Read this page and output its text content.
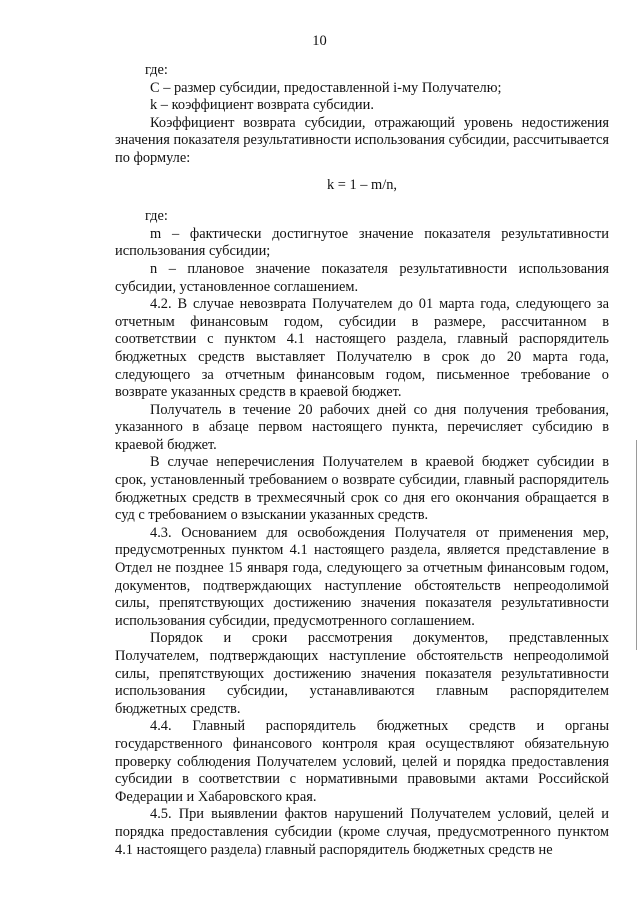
10

где:

C – размер субсидии, предоставленной i-му Получателю;

k – коэффициент возврата субсидии.

Коэффициент возврата субсидии, отражающий уровень недостижения значения показателя результативности использования субсидии, рассчитывается по формуле:

k = 1 – m/n,

где:

m – фактически достигнутое значение показателя результативности использования субсидии;

n – плановое значение показателя результативности использования субсидии, установленное соглашением.

4.2. В случае невозврата Получателем до 01 марта года, следующего за отчетным финансовым годом, субсидии в размере, рассчитанном в соответствии с пунктом 4.1 настоящего раздела, главный распорядитель бюджетных средств выставляет Получателю в срок до 20 марта года, следующего за отчетным финансовым годом, письменное требование о возврате указанных средств в краевой бюджет.

Получатель в течение 20 рабочих дней со дня получения требования, указанного в абзаце первом настоящего пункта, перечисляет субсидию в краевой бюджет.

В случае неперечисления Получателем в краевой бюджет субсидии в срок, установленный требованием о возврате субсидии, главный распорядитель бюджетных средств в трехмесячный срок со дня его окончания обращается в суд с требованием о взыскании указанных средств.

4.3. Основанием для освобождения Получателя от применения мер, предусмотренных пунктом 4.1 настоящего раздела, является представление в Отдел не позднее 15 января года, следующего за отчетным финансовым годом, документов, подтверждающих наступление обстоятельств непреодолимой силы, препятствующих достижению значения показателя результативности использования субсидии, предусмотренного соглашением.

Порядок и сроки рассмотрения документов, представленных Получателем, подтверждающих наступление обстоятельств непреодолимой силы, препятствующих достижению значения показателя результативности использования субсидии, устанавливаются главным распорядителем бюджетных средств.

4.4. Главный распорядитель бюджетных средств и органы государственного финансового контроля края осуществляют обязательную проверку соблюдения Получателем условий, целей и порядка предоставления субсидии в соответствии с нормативными правовыми актами Российской Федерации и Хабаровского края.

4.5. При выявлении фактов нарушений Получателем условий, целей и порядка предоставления субсидии (кроме случая, предусмотренного пунктом 4.1 настоящего раздела) главный распорядитель бюджетных средств не
